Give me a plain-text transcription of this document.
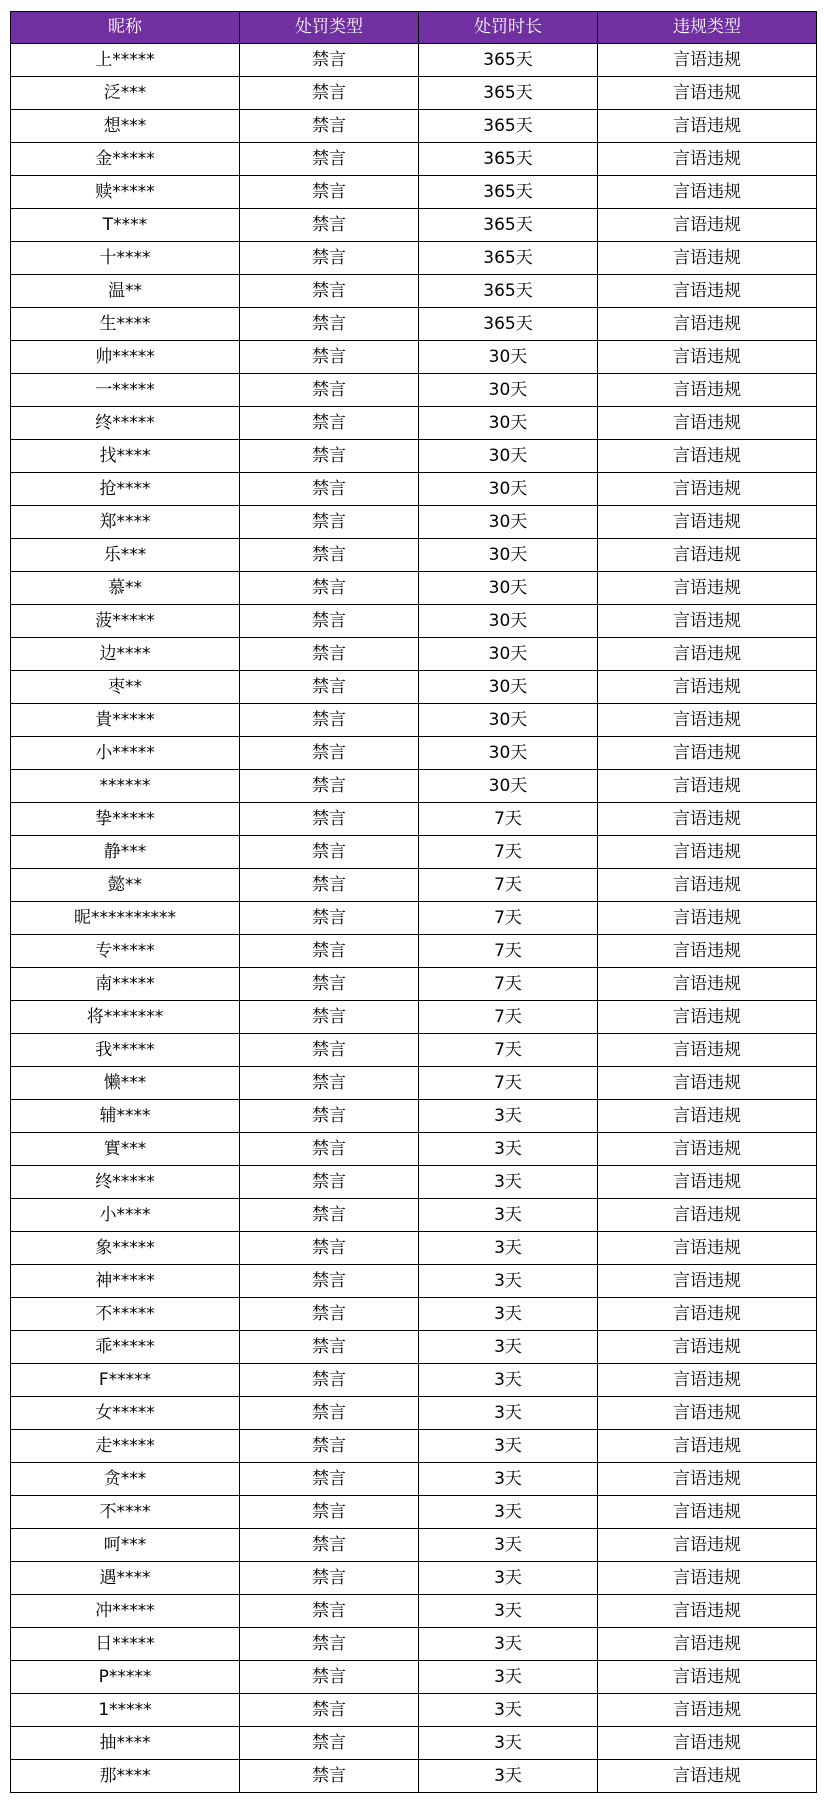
昵称	处罚类型	处罚时长	违规类型
上*****	禁言	365天	言语违规
泛***	禁言	365天	言语违规
想***	禁言	365天	言语违规
金*****	禁言	365天	言语违规
赎*****	禁言	365天	言语违规
T****	禁言	365天	言语违规
十****	禁言	365天	言语违规
温**	禁言	365天	言语违规
生****	禁言	365天	言语违规
帅*****	禁言	30天	言语违规
一*****	禁言	30天	言语违规
终*****	禁言	30天	言语违规
找****	禁言	30天	言语违规
抢****	禁言	30天	言语违规
郑****	禁言	30天	言语违规
乐***	禁言	30天	言语违规
慕**	禁言	30天	言语违规
菠*****	禁言	30天	言语违规
边****	禁言	30天	言语违规
枣**	禁言	30天	言语违规
貴*****	禁言	30天	言语违规
小*****	禁言	30天	言语违规
******	禁言	30天	言语违规
挚*****	禁言	7天	言语违规
静***	禁言	7天	言语违规
懿**	禁言	7天	言语违规
昵**********	禁言	7天	言语违规
专*****	禁言	7天	言语违规
南*****	禁言	7天	言语违规
将*******	禁言	7天	言语违规
我*****	禁言	7天	言语违规
懒***	禁言	7天	言语违规
辅****	禁言	3天	言语违规
實***	禁言	3天	言语违规
终*****	禁言	3天	言语违规
小****	禁言	3天	言语违规
象*****	禁言	3天	言语违规
神*****	禁言	3天	言语违规
不*****	禁言	3天	言语违规
乖*****	禁言	3天	言语违规
F*****	禁言	3天	言语违规
女*****	禁言	3天	言语违规
走*****	禁言	3天	言语违规
贪***	禁言	3天	言语违规
不****	禁言	3天	言语违规
呵***	禁言	3天	言语违规
遇****	禁言	3天	言语违规
冲*****	禁言	3天	言语违规
日*****	禁言	3天	言语违规
P*****	禁言	3天	言语违规
1*****	禁言	3天	言语违规
抽****	禁言	3天	言语违规
那****	禁言	3天	言语违规
